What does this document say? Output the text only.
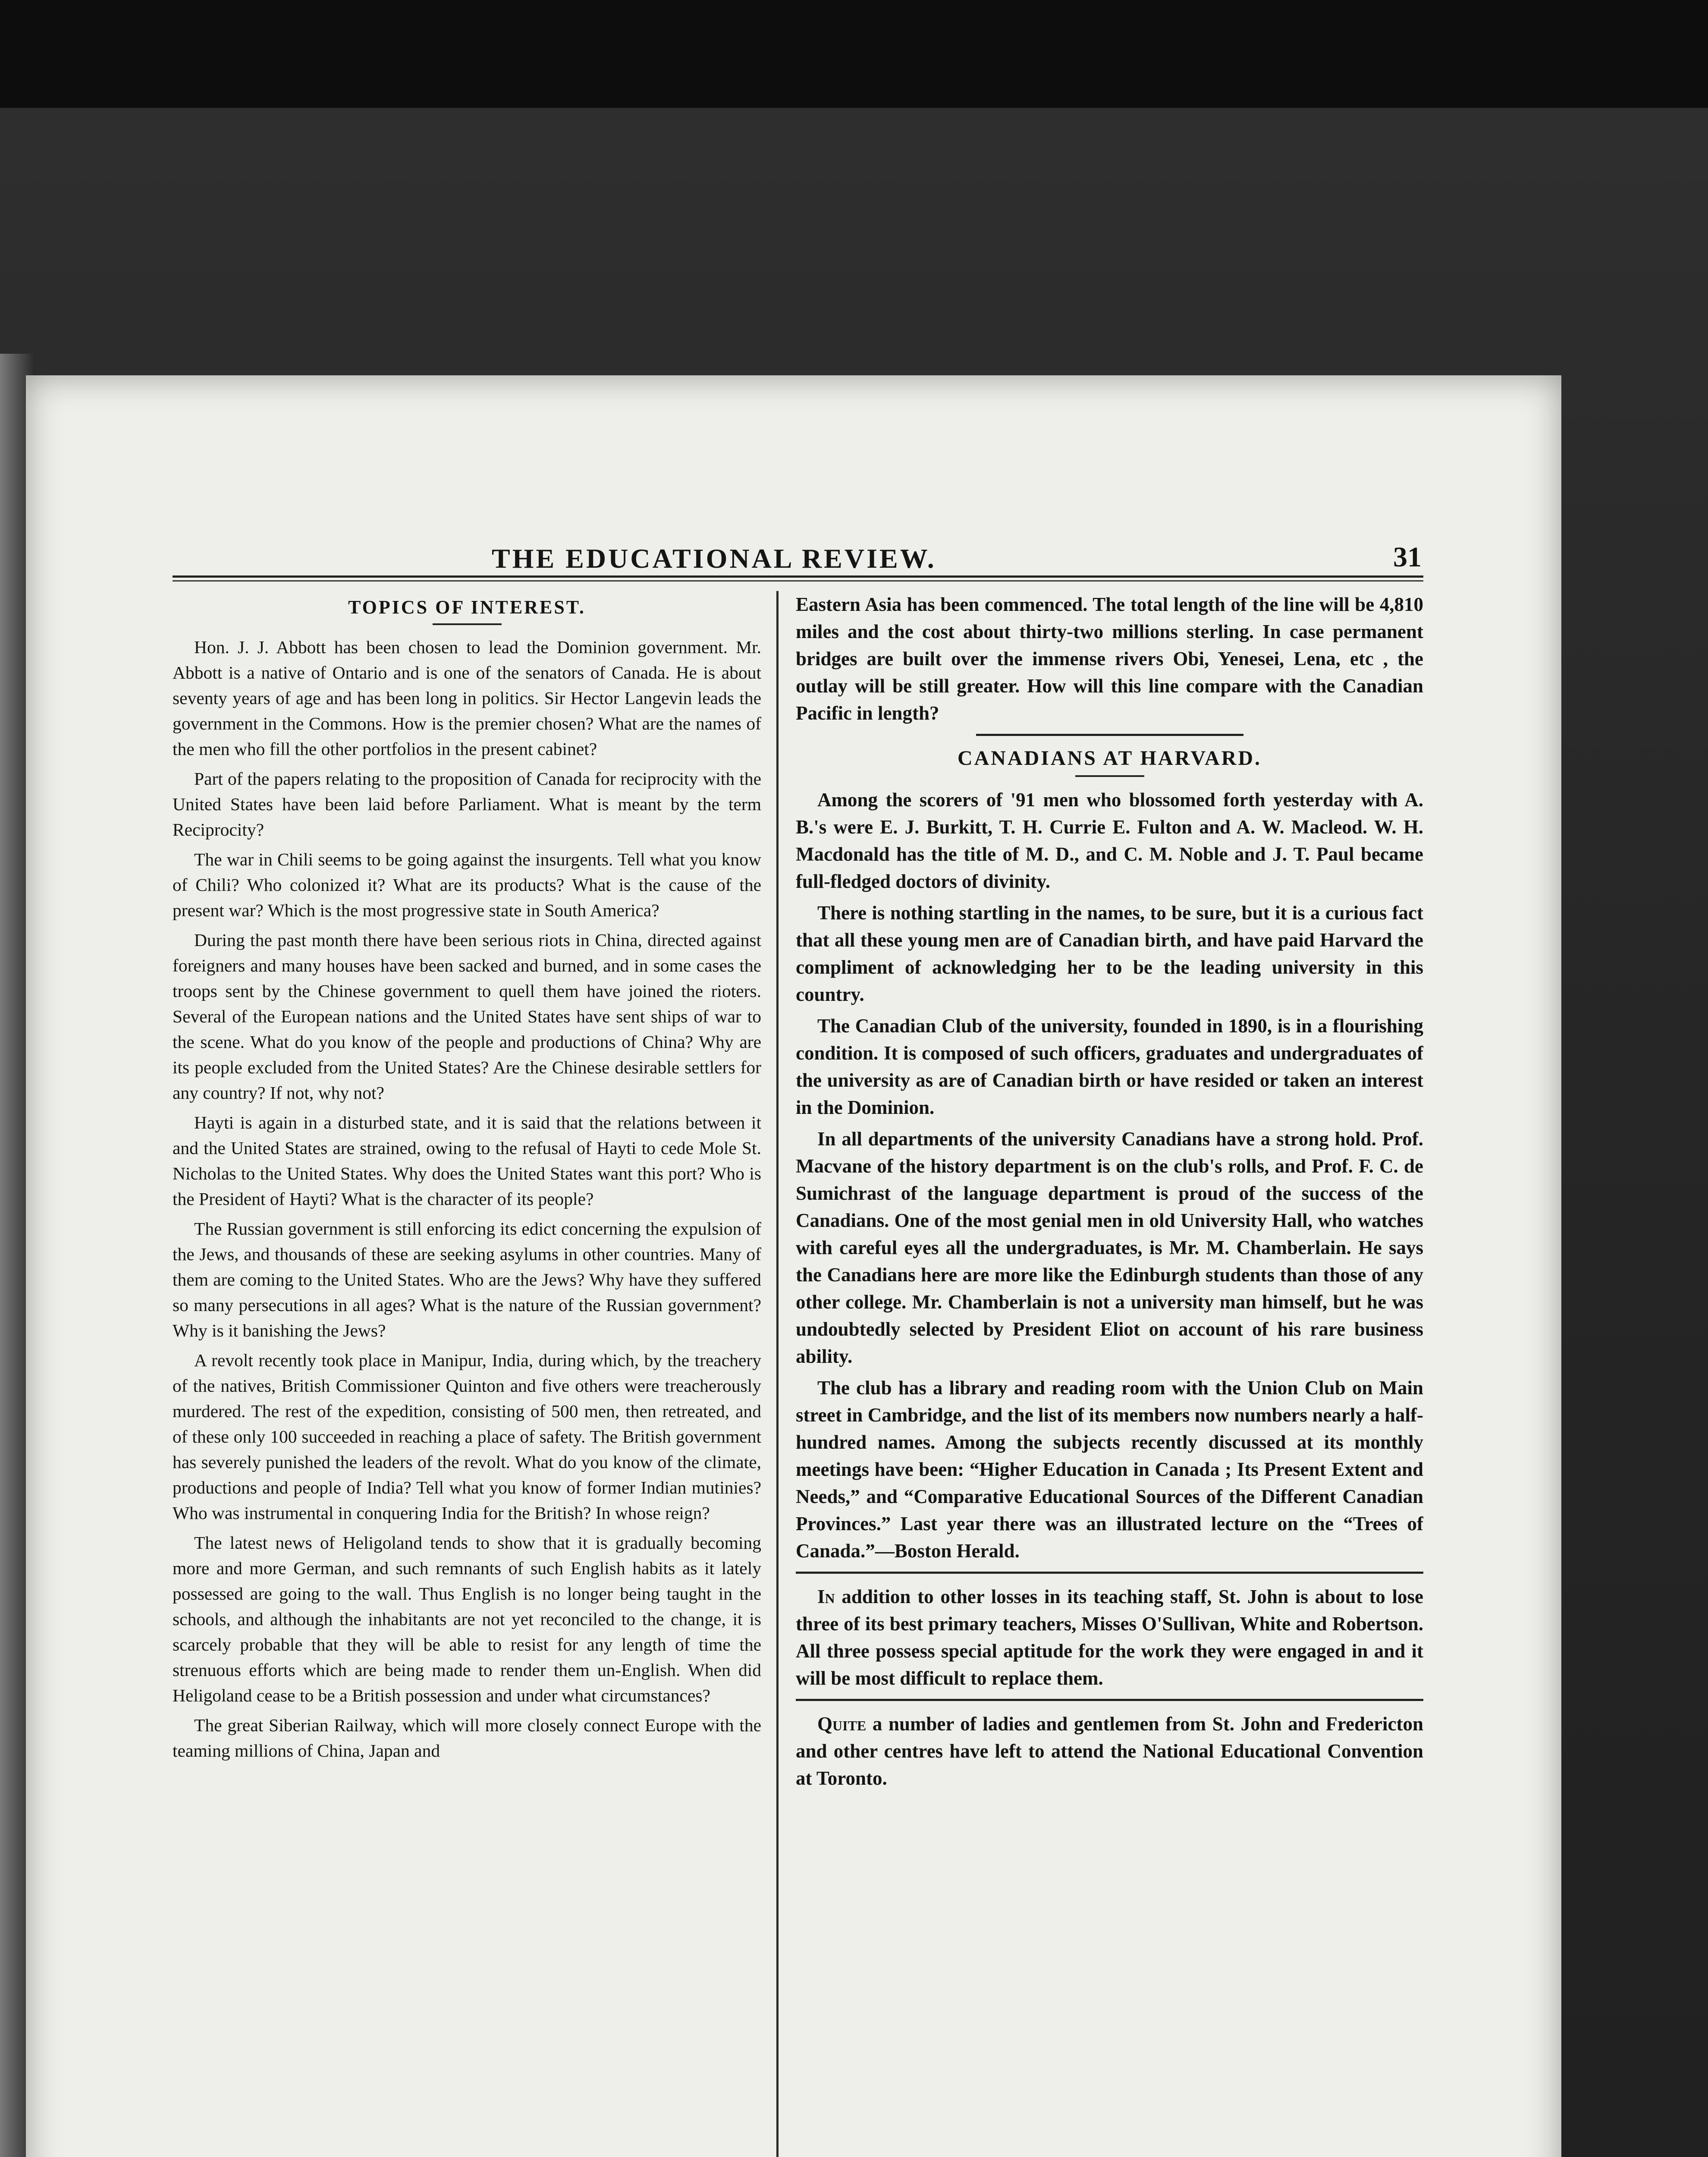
THE EDUCATIONAL REVIEW.	31
TOPICS OF INTEREST.

Hon. J. J. Abbott has been chosen to lead the Dominion government. Mr. Abbott is a native of Ontario and is one of the senators of Canada. He is about seventy years of age and has been long in politics. Sir Hector Langevin leads the government in the Commons. How is the premier chosen? What are the names of the men who fill the other portfolios in the present cabinet?

Part of the papers relating to the proposition of Canada for reciprocity with the United States have been laid before Parliament. What is meant by the term Reciprocity?

The war in Chili seems to be going against the insurgents. Tell what you know of Chili? Who colonized it? What are its products? What is the cause of the present war? Which is the most progressive state in South America?

During the past month there have been serious riots in China, directed against foreigners and many houses have been sacked and burned, and in some cases the troops sent by the Chinese government to quell them have joined the rioters. Several of the European nations and the United States have sent ships of war to the scene. What do you know of the people and productions of China? Why are its people excluded from the United States? Are the Chinese desirable settlers for any country? If not, why not?

Hayti is again in a disturbed state, and it is said that the relations between it and the United States are strained, owing to the refusal of Hayti to cede Mole St. Nicholas to the United States. Why does the United States want this port? Who is the President of Hayti? What is the character of its people?

The Russian government is still enforcing its edict concerning the expulsion of the Jews, and thousands of these are seeking asylums in other countries. Many of them are coming to the United States. Who are the Jews? Why have they suffered so many persecutions in all ages? What is the nature of the Russian government? Why is it banishing the Jews?

A revolt recently took place in Manipur, India, during which, by the treachery of the natives, British Commissioner Quinton and five others were treacherously murdered. The rest of the expedition, consisting of 500 men, then retreated, and of these only 100 succeeded in reaching a place of safety. The British government has severely punished the leaders of the revolt. What do you know of the climate, productions and people of India? Tell what you know of former Indian mutinies? Who was instrumental in conquering India for the British? In whose reign?

The latest news of Heligoland tends to show that it is gradually becoming more and more German, and such remnants of such English habits as it lately possessed are going to the wall. Thus English is no longer being taught in the schools, and although the inhabitants are not yet reconciled to the change, it is scarcely probable that they will be able to resist for any length of time the strenuous efforts which are being made to render them un-English. When did Heligoland cease to be a British possession and under what circumstances?

The great Siberian Railway, which will more closely connect Europe with the teaming millions of China, Japan and

Eastern Asia has been commenced. The total length of the line will be 4,810 miles and the cost about thirty-two millions sterling. In case permanent bridges are built over the immense rivers Obi, Yenesei, Lena, etc , the outlay will be still greater. How will this line compare with the Canadian Pacific in length?

CANADIANS AT HARVARD.

Among the scorers of '91 men who blossomed forth yesterday with A. B.'s were E. J. Burkitt, T. H. Currie E. Fulton and A. W. Macleod. W. H. Macdonald has the title of M. D., and C. M. Noble and J. T. Paul became full-fledged doctors of divinity.

There is nothing startling in the names, to be sure, but it is a curious fact that all these young men are of Canadian birth, and have paid Harvard the compliment of acknowledging her to be the leading university in this country.

The Canadian Club of the university, founded in 1890, is in a flourishing condition. It is composed of such officers, graduates and undergraduates of the university as are of Canadian birth or have resided or taken an interest in the Dominion.

In all departments of the university Canadians have a strong hold. Prof. Macvane of the history department is on the club's rolls, and Prof. F. C. de Sumichrast of the language department is proud of the success of the Canadians. One of the most genial men in old University Hall, who watches with careful eyes all the undergraduates, is Mr. M. Chamberlain. He says the Canadians here are more like the Edinburgh students than those of any other college. Mr. Chamberlain is not a university man himself, but he was undoubtedly selected by President Eliot on account of his rare business ability.

The club has a library and reading room with the Union Club on Main street in Cambridge, and the list of its members now numbers nearly a half-hundred names. Among the subjects recently discussed at its monthly meetings have been: “Higher Education in Canada ; Its Present Extent and Needs,” and “Comparative Educational Sources of the Different Canadian Provinces.” Last year there was an illustrated lecture on the “Trees of Canada.”—Boston Herald.

In addition to other losses in its teaching staff, St. John is about to lose three of its best primary teachers, Misses O'Sullivan, White and Robertson. All three possess special aptitude for the work they were engaged in and it will be most difficult to replace them.

Quite a number of ladies and gentlemen from St. John and Fredericton and other centres have left to attend the National Educational Convention at Toronto.
